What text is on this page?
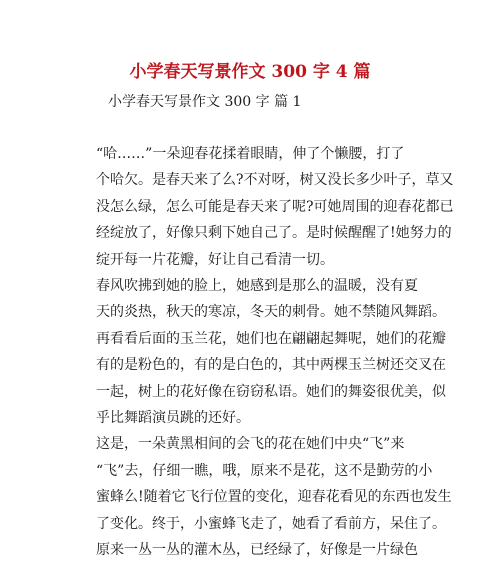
小学春天写景作文 300 字 4 篇
小学春天写景作文 300 字 篇 1
“哈……”一朵迎春花揉着眼睛，伸了个懒腰，打了
个哈欠。是春天来了么?不对呀，树又没长多少叶子，草又
没怎么绿，怎么可能是春天来了呢?可她周围的迎春花都已
经绽放了，好像只剩下她自己了。是时候醒醒了!她努力的
绽开每一片花瓣，好让自己看清一切。
春风吹拂到她的脸上，她感到是那么的温暖，没有夏
天的炎热，秋天的寒凉，冬天的刺骨。她不禁随风舞蹈。
再看看后面的玉兰花，她们也在翩翩起舞呢，她们的花瓣
有的是粉色的，有的是白色的，其中两棵玉兰树还交叉在
一起，树上的花好像在窃窃私语。她们的舞姿很优美，似
乎比舞蹈演员跳的还好。
这是，一朵黄黑相间的会飞的花在她们中央“飞”来
“飞”去，仔细一瞧，哦，原来不是花，这不是勤劳的小
蜜蜂么!随着它飞行位置的变化，迎春花看见的东西也发生
了变化。终于，小蜜蜂飞走了，她看了看前方，呆住了。
原来一丛一丛的灌木丛，已经绿了，好像是一片绿色
